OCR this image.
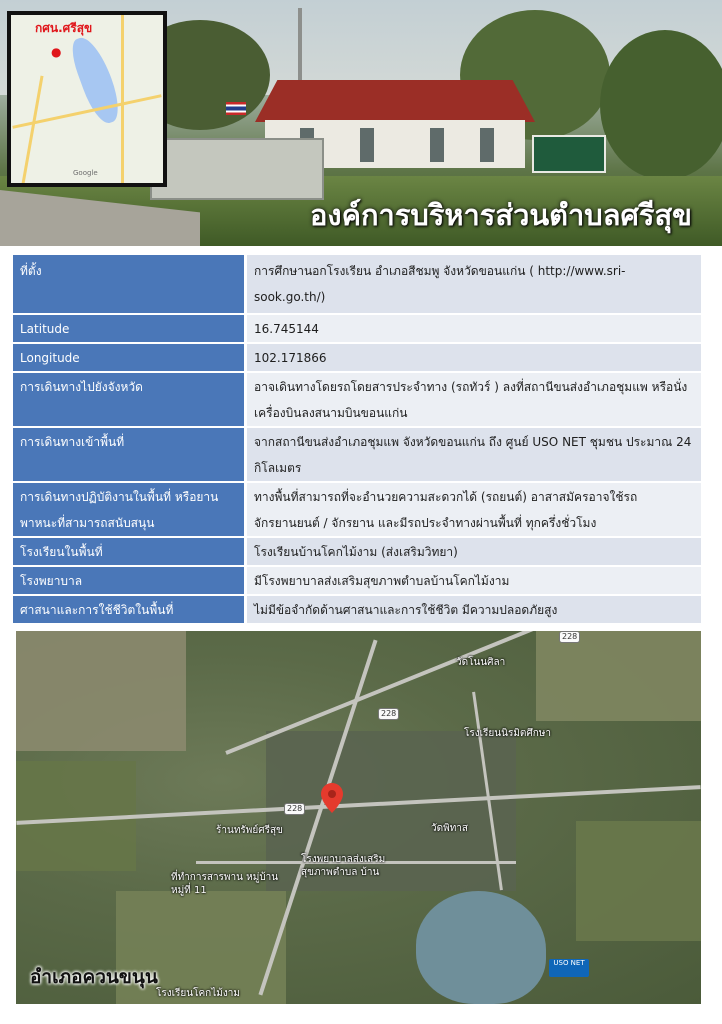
กศน.ศรีสุข
●
Google
องค์การบริหารส่วนตำบลศรีสุข
ที่ตั้ง	การศึกษานอกโรงเรียน อำเภอสีชมพู จังหวัดขอนแก่น ( http://www.sri-sook.go.th/)
Latitude	16.745144
Longitude	102.171866
การเดินทางไปยังจังหวัด	อาจเดินทางโดยรถโดยสารประจำทาง (รถทัวร์ ) ลงที่สถานีขนส่งอำเภอชุมแพ หรือนั่งเครื่องบินลงสนามบินขอนแก่น
การเดินทางเข้าพื้นที่	จากสถานีขนส่งอำเภอชุมแพ จังหวัดขอนแก่น ถึง ศูนย์ USO NET ชุมชน ประมาณ 24 กิโลเมตร
การเดินทางปฏิบัติงานในพื้นที่ หรือยานพาหนะที่สามารถสนับสนุน	ทางพื้นที่สามารถที่จะอำนวยความสะดวกได้ (รถยนต์) อาสาสมัครอาจใช้รถจักรยานยนต์ / จักรยาน และมีรถประจำทางผ่านพื้นที่ ทุกครึ่งชั่วโมง
โรงเรียนในพื้นที่	โรงเรียนบ้านโคกไม้งาม (ส่งเสริมวิทยา)
โรงพยาบาล	มีโรงพยาบาลส่งเสริมสุขภาพตำบลบ้านโคกไม้งาม
ศาสนาและการใช้ชีวิตในพื้นที่	ไม่มีข้อจำกัดด้านศาสนาและการใช้ชีวิต มีความปลอดภัยสูง
228
228
228
วัดโนนศิลา
โรงเรียนนิรมิตศึกษา
ร้านทรัพย์ศรีสุข	วัดพิทาส
โรงพยาบาลส่งเสริม สุขภาพตำบล บ้าน
ที่ทำการสารพาน หมู่บ้านหมู่ที่ 11
โรงเรียนโคกไม้งาม
USO NET
อำเภอควนขนุน
